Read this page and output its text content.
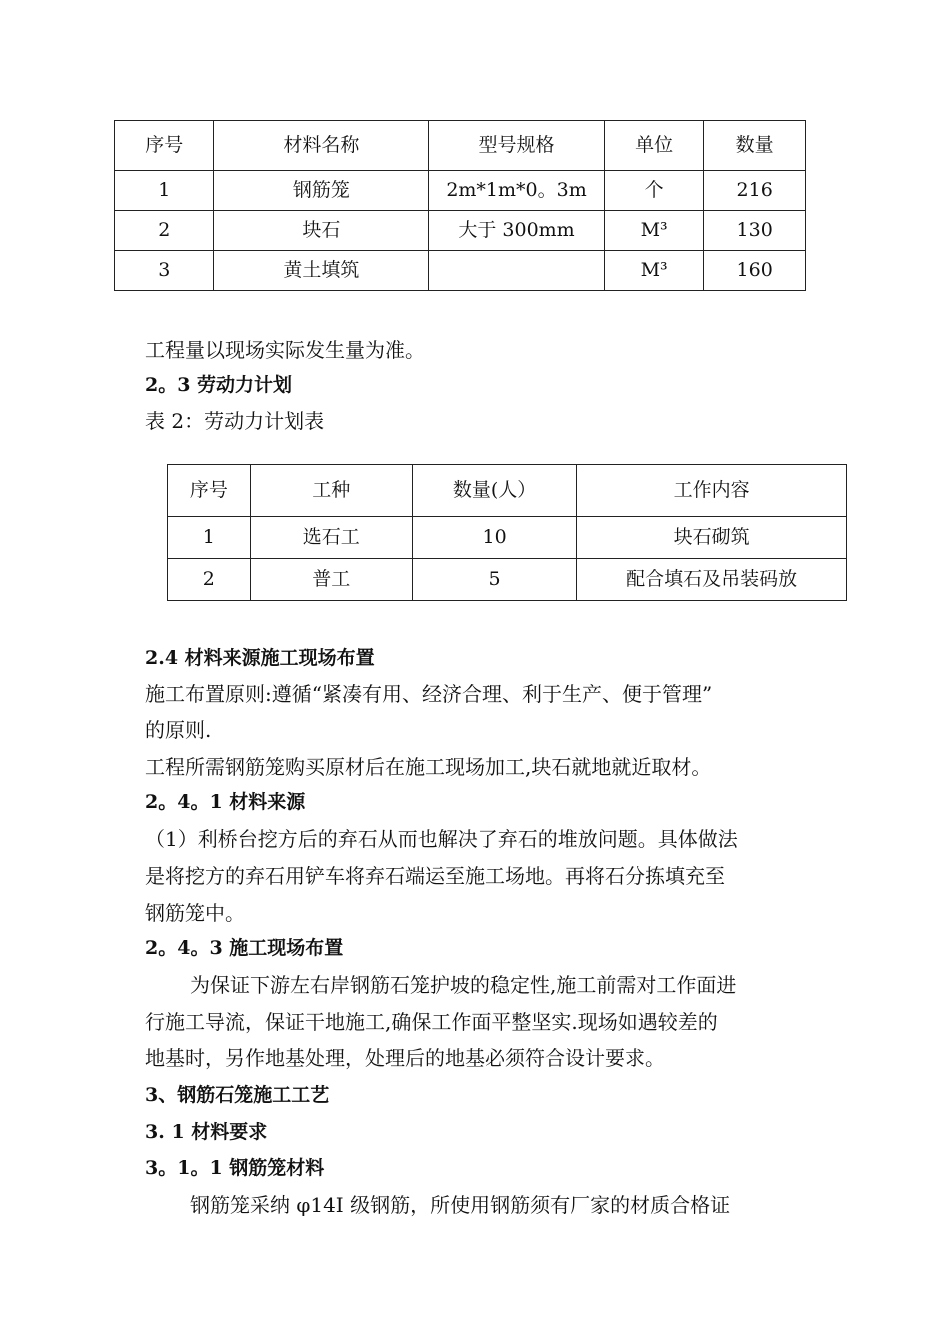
序号	材料名称	型号规格	单位	数量
1	钢筋笼	2m*1m*0。3m	个	216
2	块石	大于 300mm	M³	130
3	黄土填筑		M³	160
工程量以现场实际发生量为准。
2。3 劳动力计划
表 2：劳动力计划表
序号	工种	数量(人）	工作内容
1	选石工	10	块石砌筑
2	普工	5	配合填石及吊装码放
2.4 材料来源施工现场布置
施工布置原则:遵循“紧凑有用、经济合理、利于生产、便于管理”
的原则.
工程所需钢筋笼购买原材后在施工现场加工,块石就地就近取材。
2。4。1 材料来源
（1）利桥台挖方后的弃石从而也解决了弃石的堆放问题。具体做法
是将挖方的弃石用铲车将弃石端运至施工场地。再将石分拣填充至
钢筋笼中。
2。4。3 施工现场布置
为保证下游左右岸钢筋石笼护坡的稳定性,施工前需对工作面进
行施工导流，保证干地施工,确保工作面平整坚实.现场如遇较差的
地基时，另作地基处理，处理后的地基必须符合设计要求。
3、钢筋石笼施工工艺
3. 1 材料要求
3。1。1 钢筋笼材料
钢筋笼采纳 φ14Ⅰ 级钢筋，所使用钢筋须有厂家的材质合格证
